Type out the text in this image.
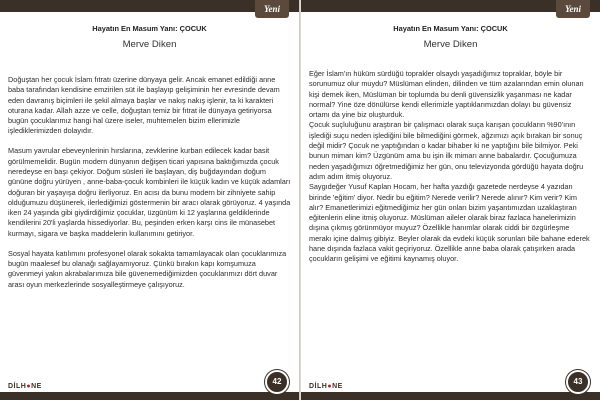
Yeni
Hayatın En Masum Yanı: ÇOCUK
Merve Diken

Doğuştan her çocuk İslam fıtratı üzerine dünyaya gelir. Ancak emanet edildiği anne baba tarafından kendisine emzirilen süt ile başlayıp gelişiminin her evresinde devam eden davranış biçimleri ile şekil almaya başlar ve nakış nakış işlenir, ta ki karakteri oturana kadar. Allah azze ve celle, doğuştan temiz bir fıtrat ile dünyaya getiriyorsa bugün çocuklarımız hangi hal üzere iseler, muhtemelen bizim ellerimizle işlediklerimizden dolayıdır.

Masum yavrular ebeveynlerinin hırslarına, zevklerine kurban edilecek kadar basit görülmemelidir. Bugün modern dünyanın değişen ticari yapısına baktığımızda çocuk neredeyse en başı çekiyor. Doğum süsleri ile başlayan, diş buğdayından doğum gününe doğru yürüyen , anne-baba-çocuk kombinleri ile küçük kadın ve küçük adamları doğuran bir yaşayışa doğru ilerliyoruz. En acısı da bunu modern bir zihniyete sahip olduğumuzu düşünerek, ilerlediğimizi göstermenin bir aracı olarak görüyoruz. 4 yaşında iken 24 yaşında gibi giydirdiğimiz çocuklar, üzgünüm ki 12 yaşlarına geldiklerinde kendilerini 20'li yaşlarda hissediyorlar. Bu, peşinden erken karşı cins ile münasebet kurmayı, sigara ve başka maddelerin kullanımını getiriyor.

Sosyal hayata katılımını profesyonel olarak sokakta tamamlayacak olan çocuklarımıza bugün maalesef bu olanağı sağlayamıyoruz. Çünkü bırakın kapı komşumuza güvenmeyi yakın akrabalarımıza bile güvenemediğimizden çocuklarımızı dört duvar arası oyun merkezlerinde sosyalleştirmeye çalışıyoruz.

DİLH●NE
42
Yeni
Hayatın En Masum Yanı: ÇOCUK
Merve Diken

Eğer İslam'ın hüküm sürdüğü toprakler olsaydı yaşadığımız topraklar, böyle bir sorunumuz olur muydu? Müslüman elinden, dilinden ve tüm azalarından emin olunan kişi demek iken, Müslüman bir toplumda bu denli güvensizlik yaşanması ne kadar normal? Yine öze dönülürse kendi ellerimizle yaptıklarımızdan dolayı bu güvensiz ortamı da yine biz oluşturduk.

Çocuk suçluluğunu araştıran bir çalışmacı olarak suça karışan çocukların %90'ının işlediği suçu neden işlediğini bile bilmediğini görmek, ağzımızı açık bırakan bir sonuç değil midir? Çocuk ne yaptığından o kadar bihaber ki ne yaptığını bile bilmiyor. Peki bunun mimarı kim? Üzgünüm ama bu işin ilk mimarı anne babalardır. Çocuğumuza neden yaşadığımızı öğretmediğimiz her gün, onu televizyonda gördüğü hayata doğru adım adım itmiş oluyoruz.

Saygıdeğer Yusuf Kaplan Hocam, her hafta yazdığı gazetede nerdeyse 4 yazıdan birinde 'eğitim' diyor. Nedir bu eğitim? Nerede verilir? Nerede alınır? Kim verir? Kim alır? Emanetlerimizi eğitmediğimiz her gün onları bizim yaşantımızdan uzaklaştıran eğitenlerin eline itmiş oluyoruz. Müslüman aileler olarak biraz fazlaca hanelerimizin dışına çıkmış görünmüyor muyuz? Özellikle hanımlar olarak ciddi bir özgürleşme merakı içine dalmış gibiyiz. Beyler olarak da evdeki küçük sorunları bile bahane ederek hane dışında fazlaca vakit geçiriyoruz. Özellikle anne baba olarak çatışırken arada çocukların gelişimi ve eğitimi kaynamış oluyor.

DİLH●NE
43
